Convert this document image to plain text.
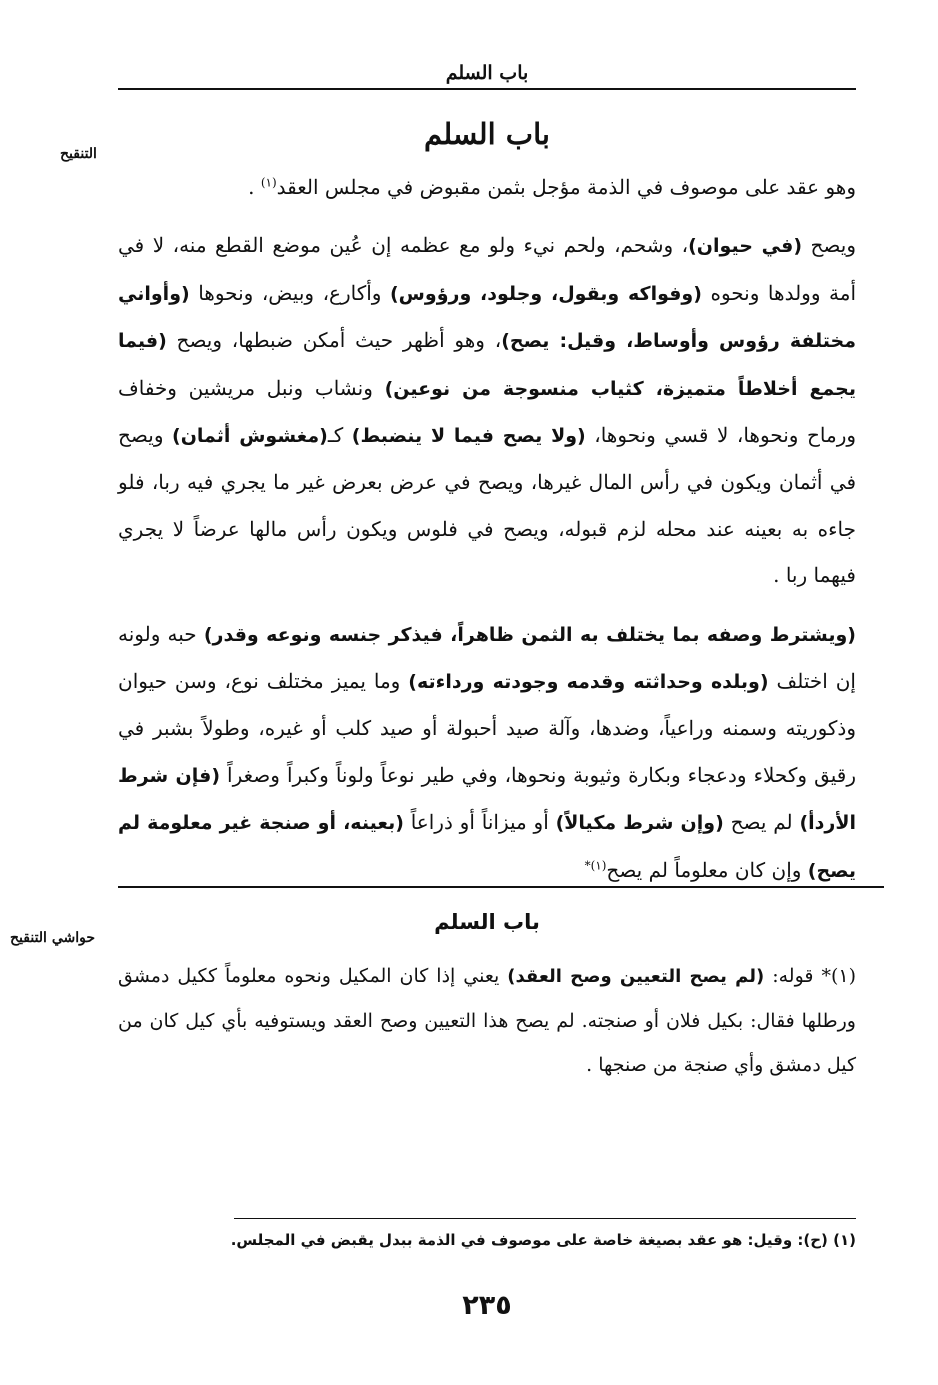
باب السلم
التنقيح
باب السلم

وهو عقد على موصوف في الذمة مؤجل بثمن مقبوض في مجلس العقد$^{(١)}$ .

ويصح (في حيوان)، وشحم، ولحم نيء ولو مع عظمه إن عُين موضع القطع منه، لا في أمة وولدها ونحوه (وفواكه وبقول، وجلود، ورؤوس) وأكارع، وبيض، ونحوها (وأواني مختلفة رؤوس وأوساط، وقيل: يصح)، وهو أظهر حيث أمكن ضبطها، ويصح (فيما يجمع أخلاطاً متميزة، كثياب منسوجة من نوعين) ونشاب ونبل مريشين وخفاف ورماح ونحوها، لا قسي ونحوها، (ولا يصح فيما لا ينضبط) كـ(مغشوش أثمان) ويصح في أثمان ويكون في رأس المال غيرها، ويصح في عرض بعرض غير ما يجري فيه ربا، فلو جاءه به بعينه عند محله لزم قبوله، ويصح في فلوس ويكون رأس مالها عرضاً لا يجري فيهما ربا .

(ويشترط وصفه بما يختلف به الثمن ظاهراً، فيذكر جنسه ونوعه وقدر) حبه ولونه إن اختلف (وبلده وحداثته وقدمه وجودته ورداءته) وما يميز مختلف نوع، وسن حيوان وذكوريته وسمنه وراعياً، وضدها، وآلة صيد أحبولة أو صيد كلب أو غيره، وطولاً بشبر في رقيق وكحلاء ودعجاء وبكارة وثيوبة ونحوها، وفي طير نوعاً ولوناً وكبراً وصغراً (فإن شرط الأردأ) لم يصح (وإن شرط مكيالاً) أو ميزاناً أو ذراعاً (بعينه، أو صنجة غير معلومة لم يصح) وإن كان معلوماً لم يصح$^{(١)*}$

حواشي التنقيح
باب السلم

(١)* قوله: (لم يصح التعيين وصح العقد) يعني إذا كان المكيل ونحوه معلوماً ككيل دمشق ورطلها فقال: بكيل فلان أو صنجته. لم يصح هذا التعيين وصح العقد ويستوفيه بأي كيل كان من كيل دمشق وأي صنجة من صنجها .

(١) (ح): وقيل: هو عقد بصيغة خاصة على موصوف في الذمة ببدل يقبض في المجلس.
٢٣٥
